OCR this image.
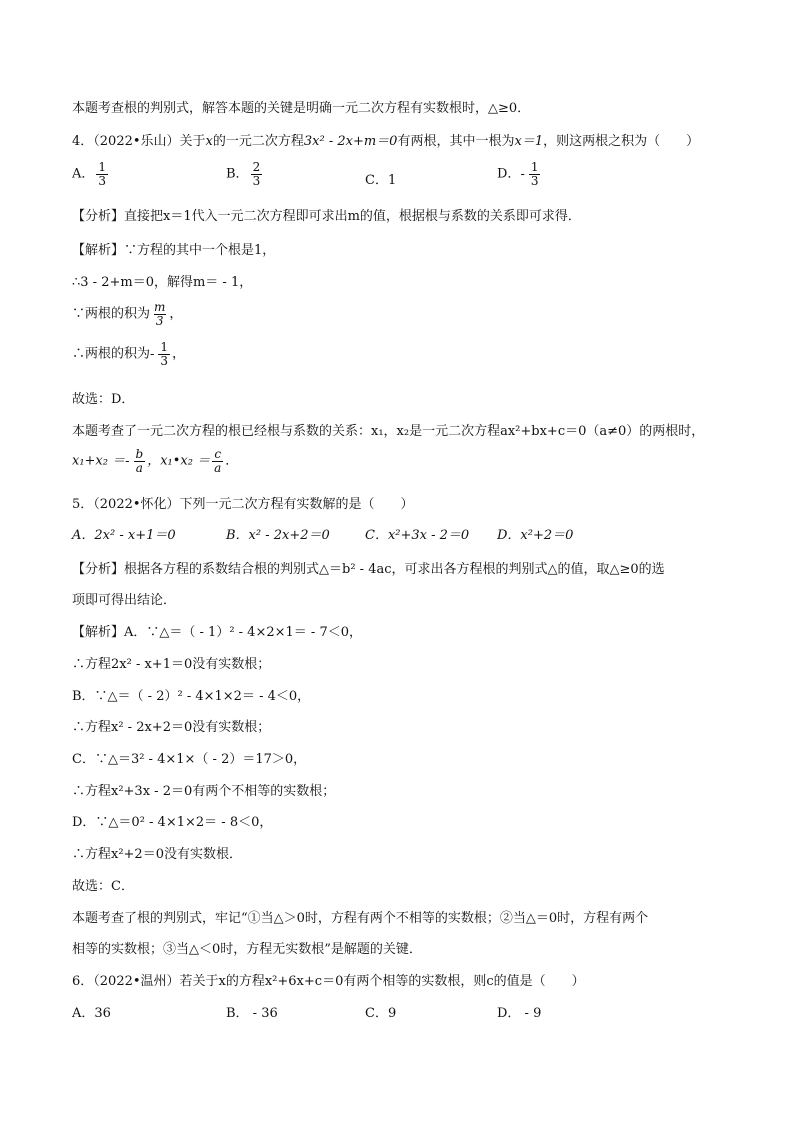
本题考查根的判别式，解答本题的关键是明确一元二次方程有实数根时，△≥0．
4．（2022•乐山）关于x的一元二次方程3x² - 2x+m＝0有两根，其中一根为x＝1，则这两根之积为（　　）
A． $\frac{1}{3}$	B． $\frac{2}{3}$	C．1	D．- $\frac{1}{3}$
【分析】直接把x＝1代入一元二次方程即可求出m的值，根据根与系数的关系即可求得．
【解析】∵方程的其中一个根是1，
∴3 - 2+m＝0，解得m＝ - 1，
∵两根的积为 $\frac{m}{3}$ ，
∴两根的积为- $\frac{1}{3}$ ，
故选：D．
本题考查了一元二次方程的根已经根与系数的关系：x₁，x₂是一元二次方程ax²+bx+c＝0（a≠0）的两根时，
$x_1+x_2 =- \frac{b}{a}$ ，x₁•x₂ ＝ $\frac{c}{a}$ ．
5．（2022•怀化）下列一元二次方程有实数解的是（　　）
A．2x² - x+1＝0	B．x² - 2x+2＝0	C．x²+3x - 2＝0 D．x²+2＝0
【分析】根据各方程的系数结合根的判别式△＝b² - 4ac，可求出各方程根的判别式△的值，取△≥0的选
项即可得出结论．
【解析】A．∵△＝（ - 1）² - 4×2×1＝ - 7＜0，
∴方程2x² - x+1＝0没有实数根；
B．∵△＝（ - 2）² - 4×1×2＝ - 4＜0，
∴方程x² - 2x+2＝0没有实数根；
C．∵△＝3² - 4×1×（ - 2）＝17＞0，
∴方程x²+3x - 2＝0有两个不相等的实数根；
D．∵△＝0² - 4×1×2＝ - 8＜0，
∴方程x²+2＝0没有实数根．
故选：C．
本题考查了根的判别式，牢记“①当△＞0时，方程有两个不相等的实数根；②当△＝0时，方程有两个
相等的实数根；③当△＜0时，方程无实数根”是解题的关键．
6．（2022•温州）若关于x的方程x²+6x+c＝0有两个相等的实数根，则c的值是（　　）
A．36	B． - 36	C．9	D． - 9
